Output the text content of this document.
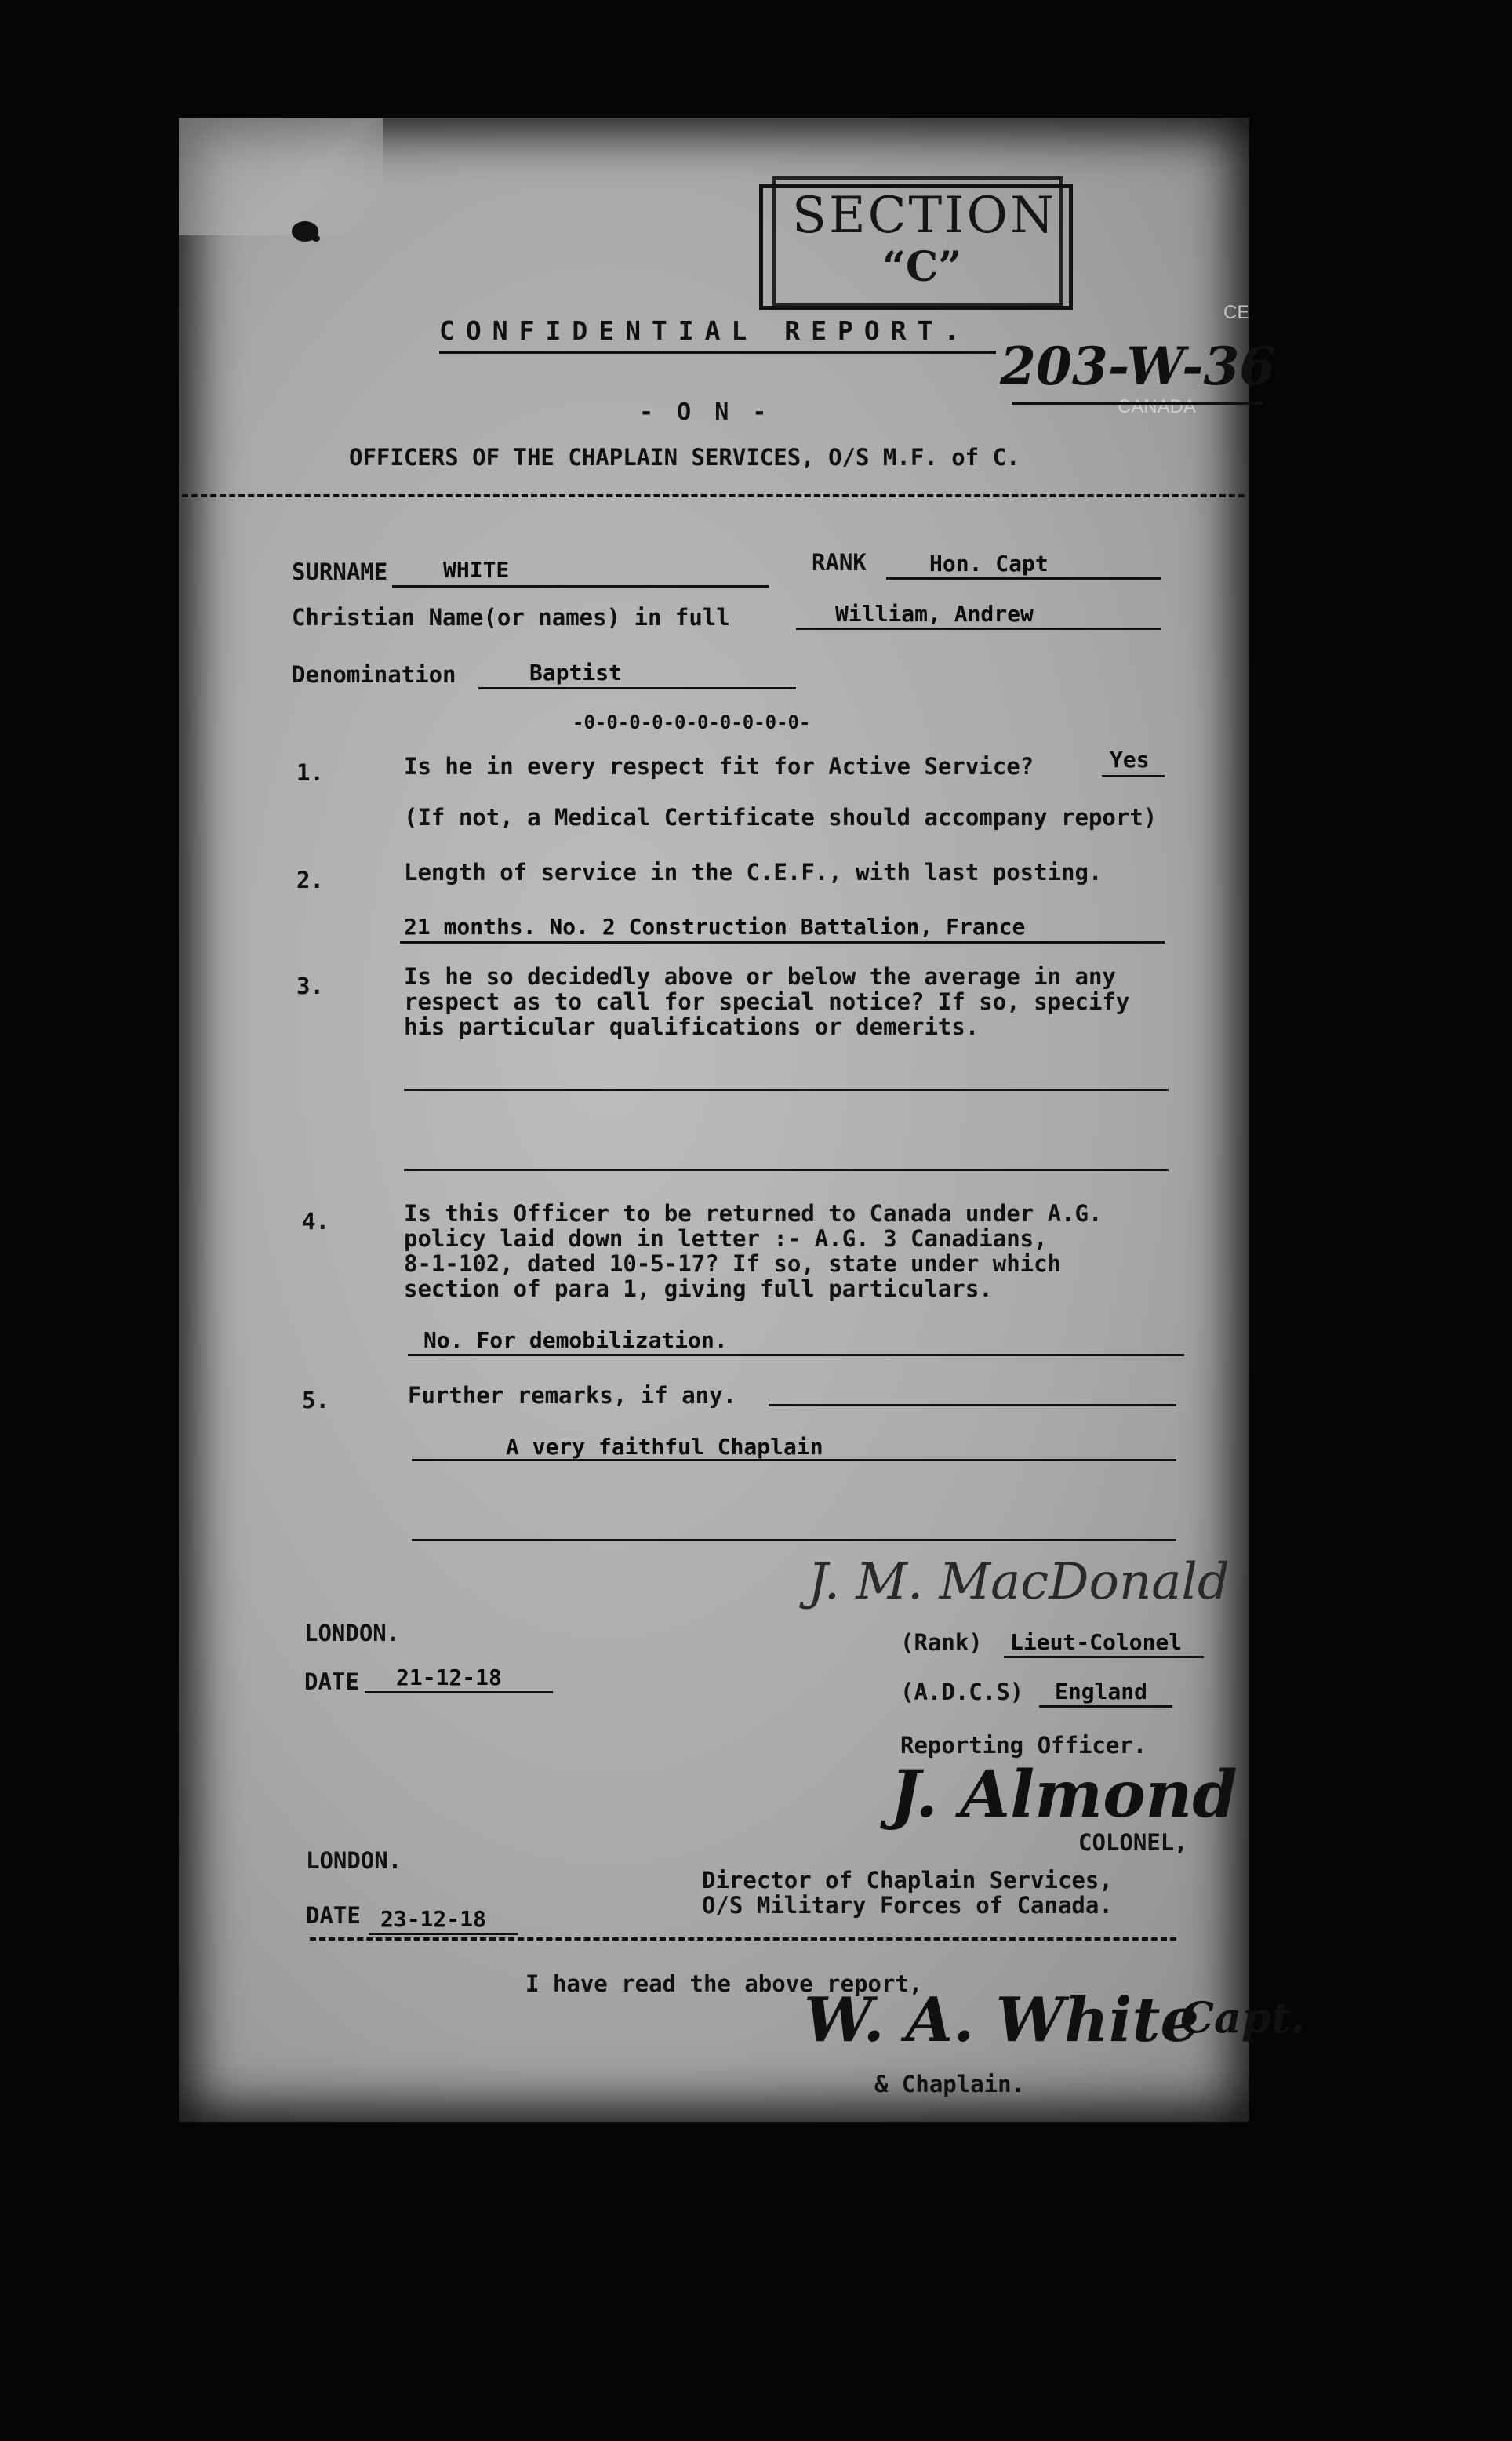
SECTION
“C”
CE
CANADA
203-W-36
CONFIDENTIAL REPORT.
- O N -
OFFICERS OF THE CHAPLAIN SERVICES, O/S M.F. of C.
SURNAME	WHITE	RANK	Hon. Capt
Christian Name(or names) in full	William, Andrew
Denomination	Baptist
-0-0-0-0-0-0-0-0-0-0-
1.	Is he in every respect fit for Active Service?	Yes
(If not, a Medical Certificate should accompany report)
2.	Length of service in the C.E.F., with last posting.
21 months. No. 2 Construction Battalion, France
3.	Is he so decidedly above or below the average in any
respect as to call for special notice? If so, specify
his particular qualifications or demerits.
4.	Is this Officer to be returned to Canada under A.G.
policy laid down in letter :- A.G. 3 Canadians,
8-1-102, dated 10-5-17? If so, state under which
section of para 1, giving full particulars.
No. For demobilization.
5.	Further remarks, if any.
A very faithful Chaplain
J. M. MacDonald
LONDON.
DATE 21-12-18
(Rank) Lieut-Colonel
(A.D.C.S) England
Reporting Officer.
J. Almond
COLONEL,
LONDON.
DATE 23-12-18
Director of Chaplain Services,
O/S Military Forces of Canada.
I have read the above report,
W. A. White
Capt.
& Chaplain.
